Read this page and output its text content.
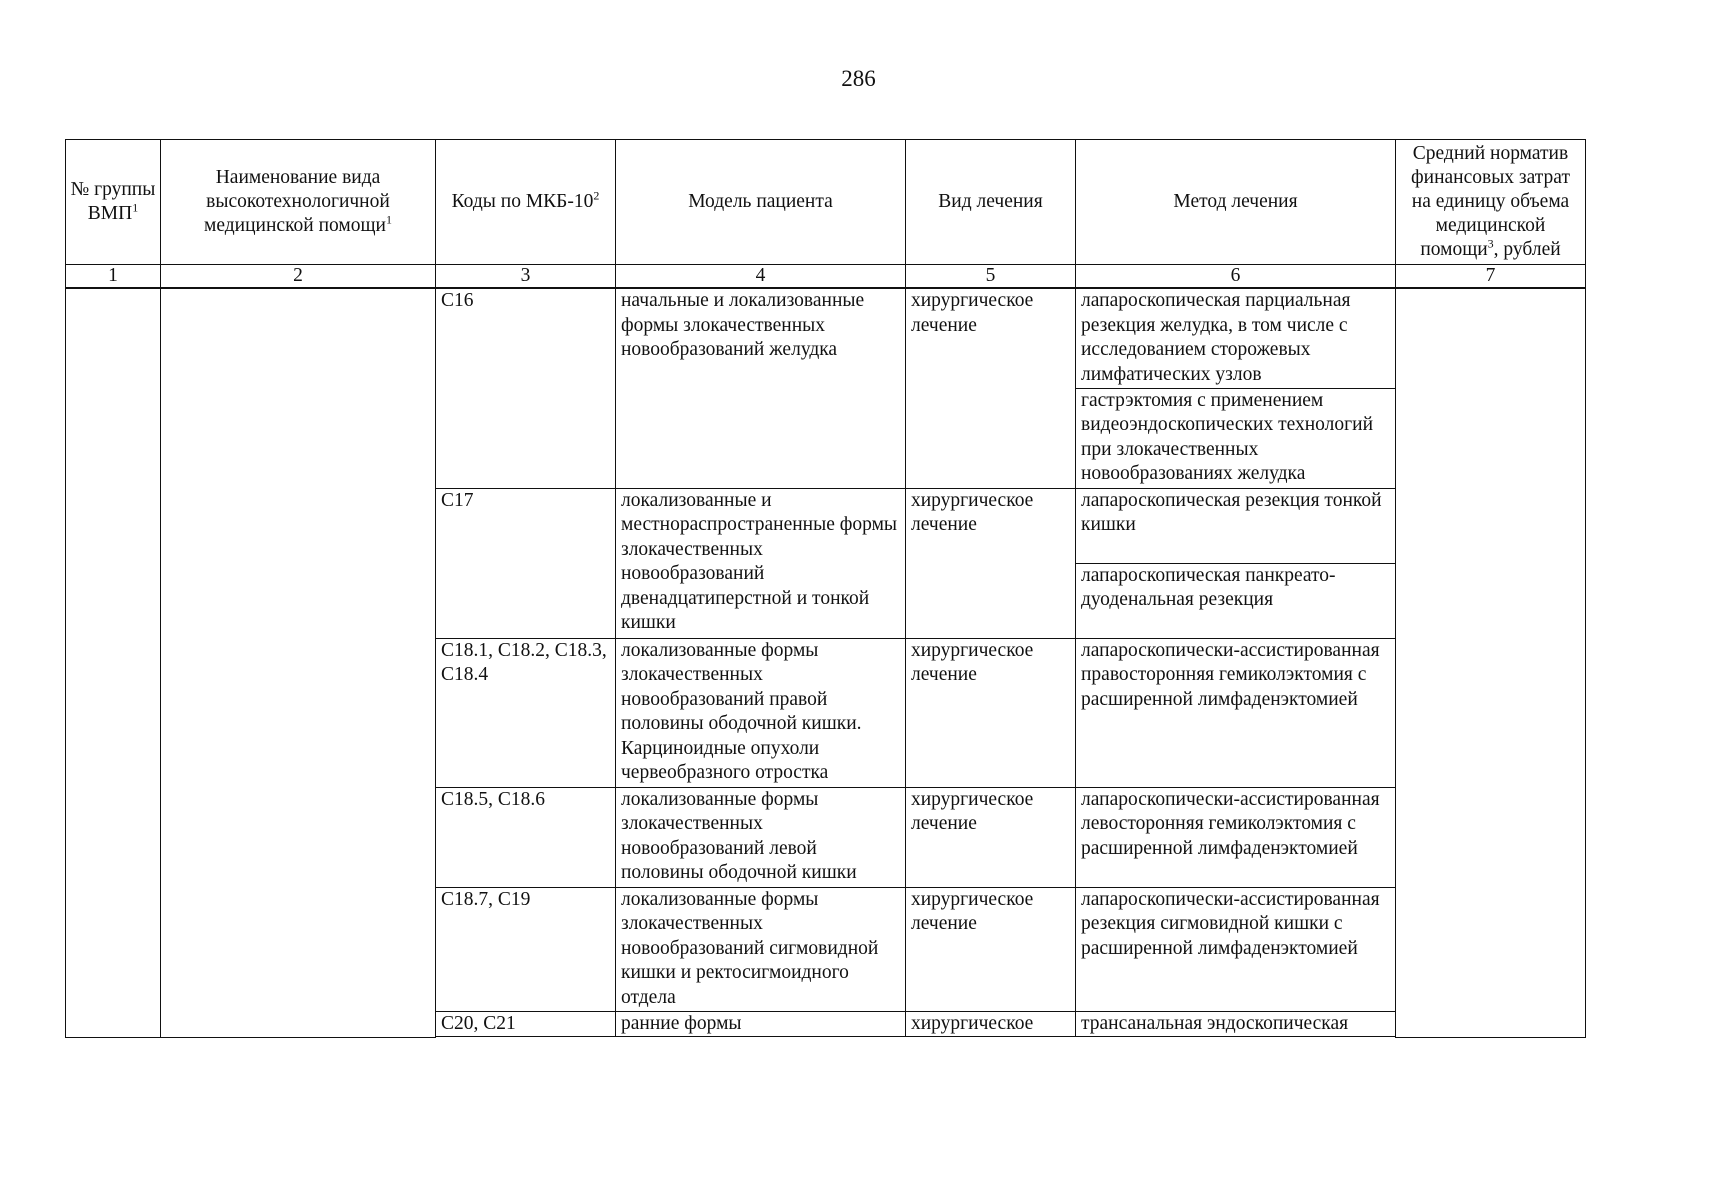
286
№ группы ВМП$^1$	Наименование вида высокотехнологичной медицинской помощи$^1$	Коды по МКБ-$10^2$	Модель пациента	Вид лечения	Метод лечения	Средний норматив финансовых затрат на единицу объема медицинской помощи$^3$, рублей
1	2	3	4	5	6	7
		C16	начальные и локализованные формы злокачественных новообразований желудка	хирургическое лечение	лапароскопическая парциальная резекция желудка, в том числе с исследованием сторожевых лимфатических узлов	
					гастрэктомия с применением видеоэндоскопических технологий при злокачественных новообразованиях желудка	
		C17	локализованные и местнораспространенные формы злокачественных новообразований двенадцатиперстной и тонкой кишки	хирургическое лечение	лапароскопическая резекция тонкой кишки	
					лапароскопическая панкреато-дуоденальная резекция	
		C18.1, C18.2, C18.3, C18.4	локализованные формы злокачественных новообразований правой половины ободочной кишки. Карциноидные опухоли червеобразного отростка	хирургическое лечение	лапароскопически-ассистированная правосторонняя гемиколэктомия с расширенной лимфаденэктомией	
		C18.5, C18.6	локализованные формы злокачественных новообразований левой половины ободочной кишки	хирургическое лечение	лапароскопически-ассистированная левосторонняя гемиколэктомия с расширенной лимфаденэктомией	
		C18.7, C19	локализованные формы злокачественных новообразований сигмовидной кишки и ректосигмоидного отдела	хирургическое лечение	лапароскопически-ассистированная резекция сигмовидной кишки с расширенной лимфаденэктомией	
		C20, C21	ранние формы	хирургическое	трансанальная эндоскопическая	
